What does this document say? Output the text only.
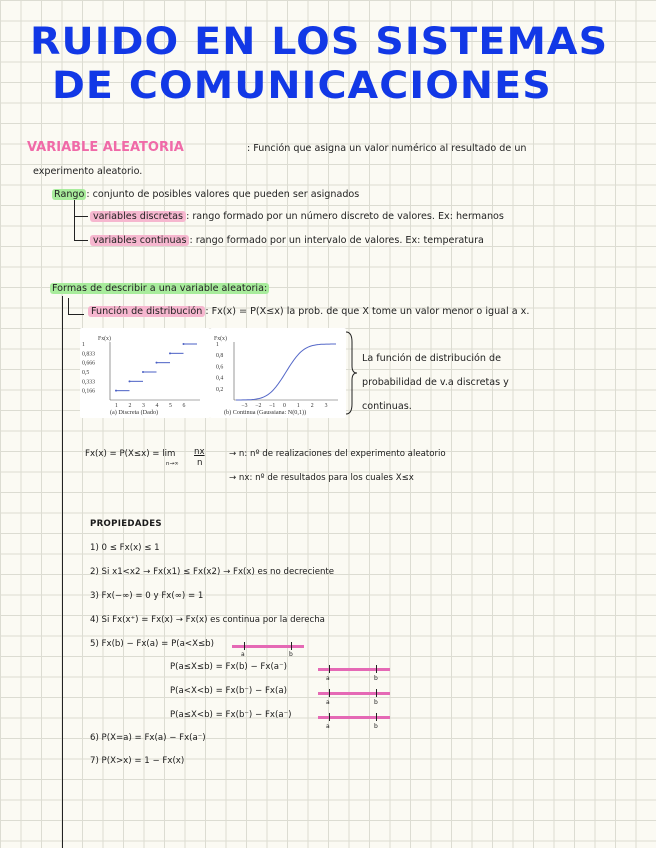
RUIDO EN LOS SISTEMAS
DE COMUNICACIONES
VARIABLE ALEATORIA	: Función que asigna un valor numérico al resultado de un
experimento aleatorio.
Rango : conjunto de posibles valores que pueden ser asignados
variables discretas : rango formado por un número discreto de valores. Ex: hermanos
variables continuas : rango formado por un intervalo de valores. Ex: temperatura
Formas de describir a una variable aleatoria:
Función de distribución : Fx(x) = P(X≤x) la prob. de que X tome un valor menor o igual a x.
Fx(x)
1
0,833
0,666
0,5
0,333
0,166
1 2 3 4 5 6
(a) Discreta (Dado)
Fx(x)
1
0,8
0,6
0,4
0,2
−3 −2 −1 0 1 2 3
(b) Continua (Gaussiana: N(0,1))
La función de distribución de
probabilidad de v.a discretas y
continuas.
Fx(x) = P(X≤x) = lim
n→∞
nx
n
→ n: nº de realizaciones del experimento aleatorio
→ nx: nº de resultados para los cuales X≤x
PROPIEDADES
1) 0 ≤ Fx(x) ≤ 1
2) Si x1<x2 → Fx(x1) ≤ Fx(x2) → Fx(x) es no decreciente
3) Fx(−∞) = 0 y Fx(∞) = 1
4) Si Fx(x⁺) = Fx(x) → Fx(x) es continua por la derecha
5) Fx(b) − Fx(a) = P(a<X≤b)
a	b
P(a≤X≤b) = Fx(b) − Fx(a⁻)
P(a<X<b) = Fx(b⁻) − Fx(a)
P(a≤X<b) = Fx(b⁻) − Fx(a⁻)
a	b
a	b
a	b
6) P(X=a) = Fx(a) − Fx(a⁻)
7) P(X>x) = 1 − Fx(x)
